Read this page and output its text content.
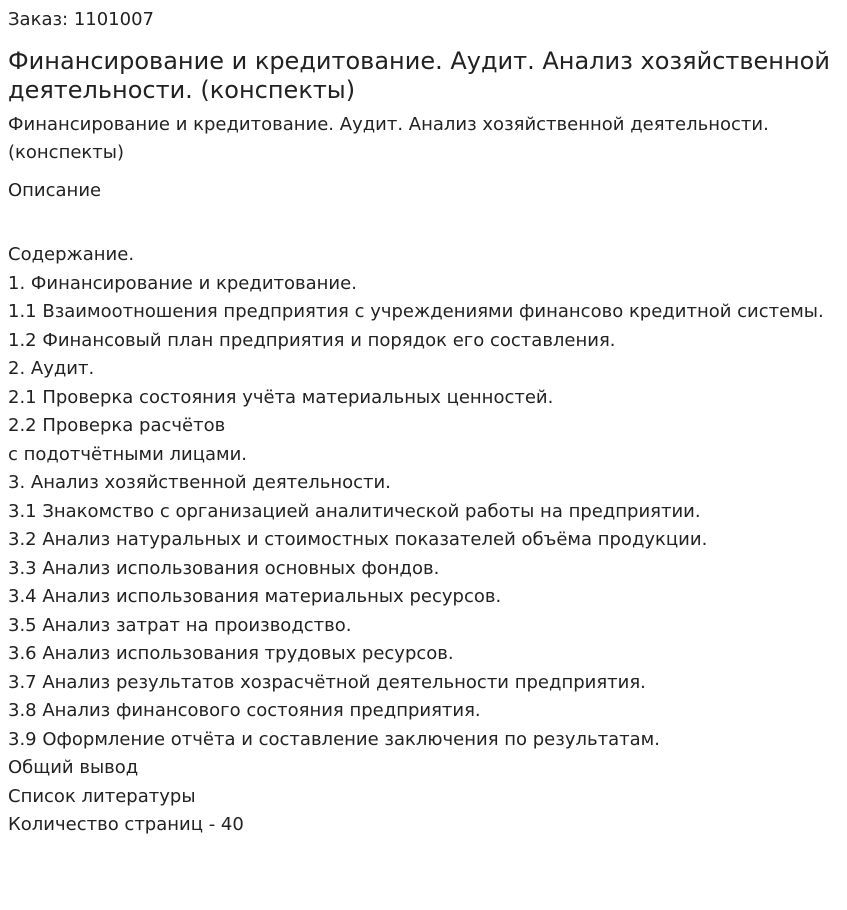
Заказ: 1101007

Финансирование и кредитование. Аудит. Анализ хозяйственной деятельности. (конспекты)

Финансирование и кредитование. Аудит. Анализ хозяйственной деятельности. (конспекты)

Описание

Содержание.
1. Финансирование и кредитование.
1.1 Взаимоотношения предприятия с учреждениями финансово кредитной системы.
1.2 Финансовый план предприятия и порядок его составления.
2. Аудит.
2.1 Проверка состояния учёта материальных ценностей.
2.2 Проверка расчётов
с подотчётными лицами.
3. Анализ хозяйственной деятельности.
3.1 Знакомство с организацией аналитической работы на предприятии.
3.2 Анализ натуральных и стоимостных показателей объёма продукции.
3.3 Анализ использования основных фондов.
3.4 Анализ использования материальных ресурсов.
3.5 Анализ затрат на производство.
3.6 Анализ использования трудовых ресурсов.
3.7 Анализ результатов хозрасчётной деятельности предприятия.
3.8 Анализ финансового состояния предприятия.
3.9 Оформление отчёта и составление заключения по результатам.
Общий вывод
Список литературы
Количество страниц - 40
